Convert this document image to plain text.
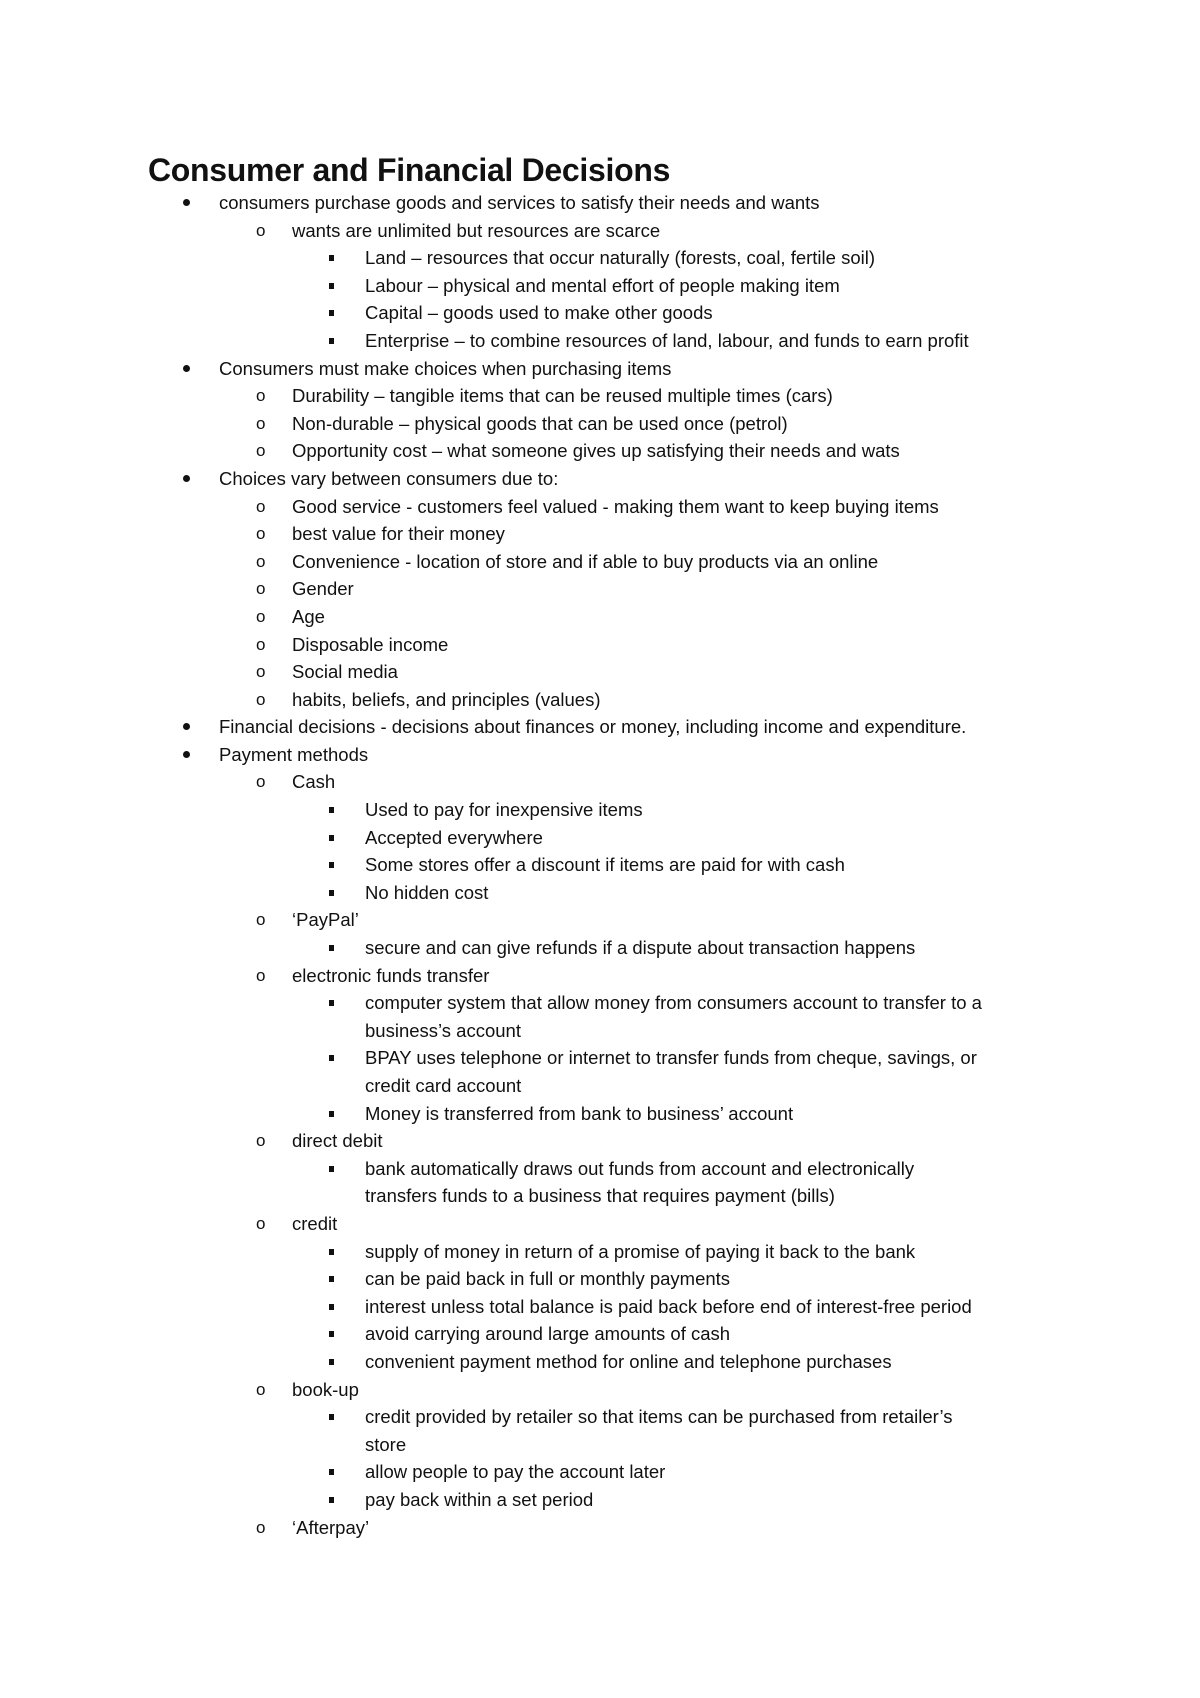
Consumer and Financial Decisions
consumers purchase goods and services to satisfy their needs and wants
o wants are unlimited but resources are scarce
Land – resources that occur naturally (forests, coal, fertile soil)
Labour – physical and mental effort of people making item
Capital – goods used to make other goods
Enterprise – to combine resources of land, labour, and funds to earn profit
Consumers must make choices when purchasing items
o Durability – tangible items that can be reused multiple times (cars)
o Non-durable – physical goods that can be used once (petrol)
o Opportunity cost – what someone gives up satisfying their needs and wats
Choices vary between consumers due to:
o Good service - customers feel valued - making them want to keep buying items
o best value for their money
o Convenience - location of store and if able to buy products via an online
o Gender
o Age
o Disposable income
o Social media
o habits, beliefs, and principles (values)
Financial decisions - decisions about finances or money, including income and expenditure.
Payment methods
o Cash
Used to pay for inexpensive items
Accepted everywhere
Some stores offer a discount if items are paid for with cash
No hidden cost
o ‘PayPal’
secure and can give refunds if a dispute about transaction happens
o electronic funds transfer
computer system that allow money from consumers account to transfer to a
business’s account
BPAY uses telephone or internet to transfer funds from cheque, savings, or
credit card account
Money is transferred from bank to business’ account
o direct debit
bank automatically draws out funds from account and electronically
transfers funds to a business that requires payment (bills)
o credit
supply of money in return of a promise of paying it back to the bank
can be paid back in full or monthly payments
interest unless total balance is paid back before end of interest-free period
avoid carrying around large amounts of cash
convenient payment method for online and telephone purchases
o book-up
credit provided by retailer so that items can be purchased from retailer’s
store
allow people to pay the account later
pay back within a set period
o ‘Afterpay’
